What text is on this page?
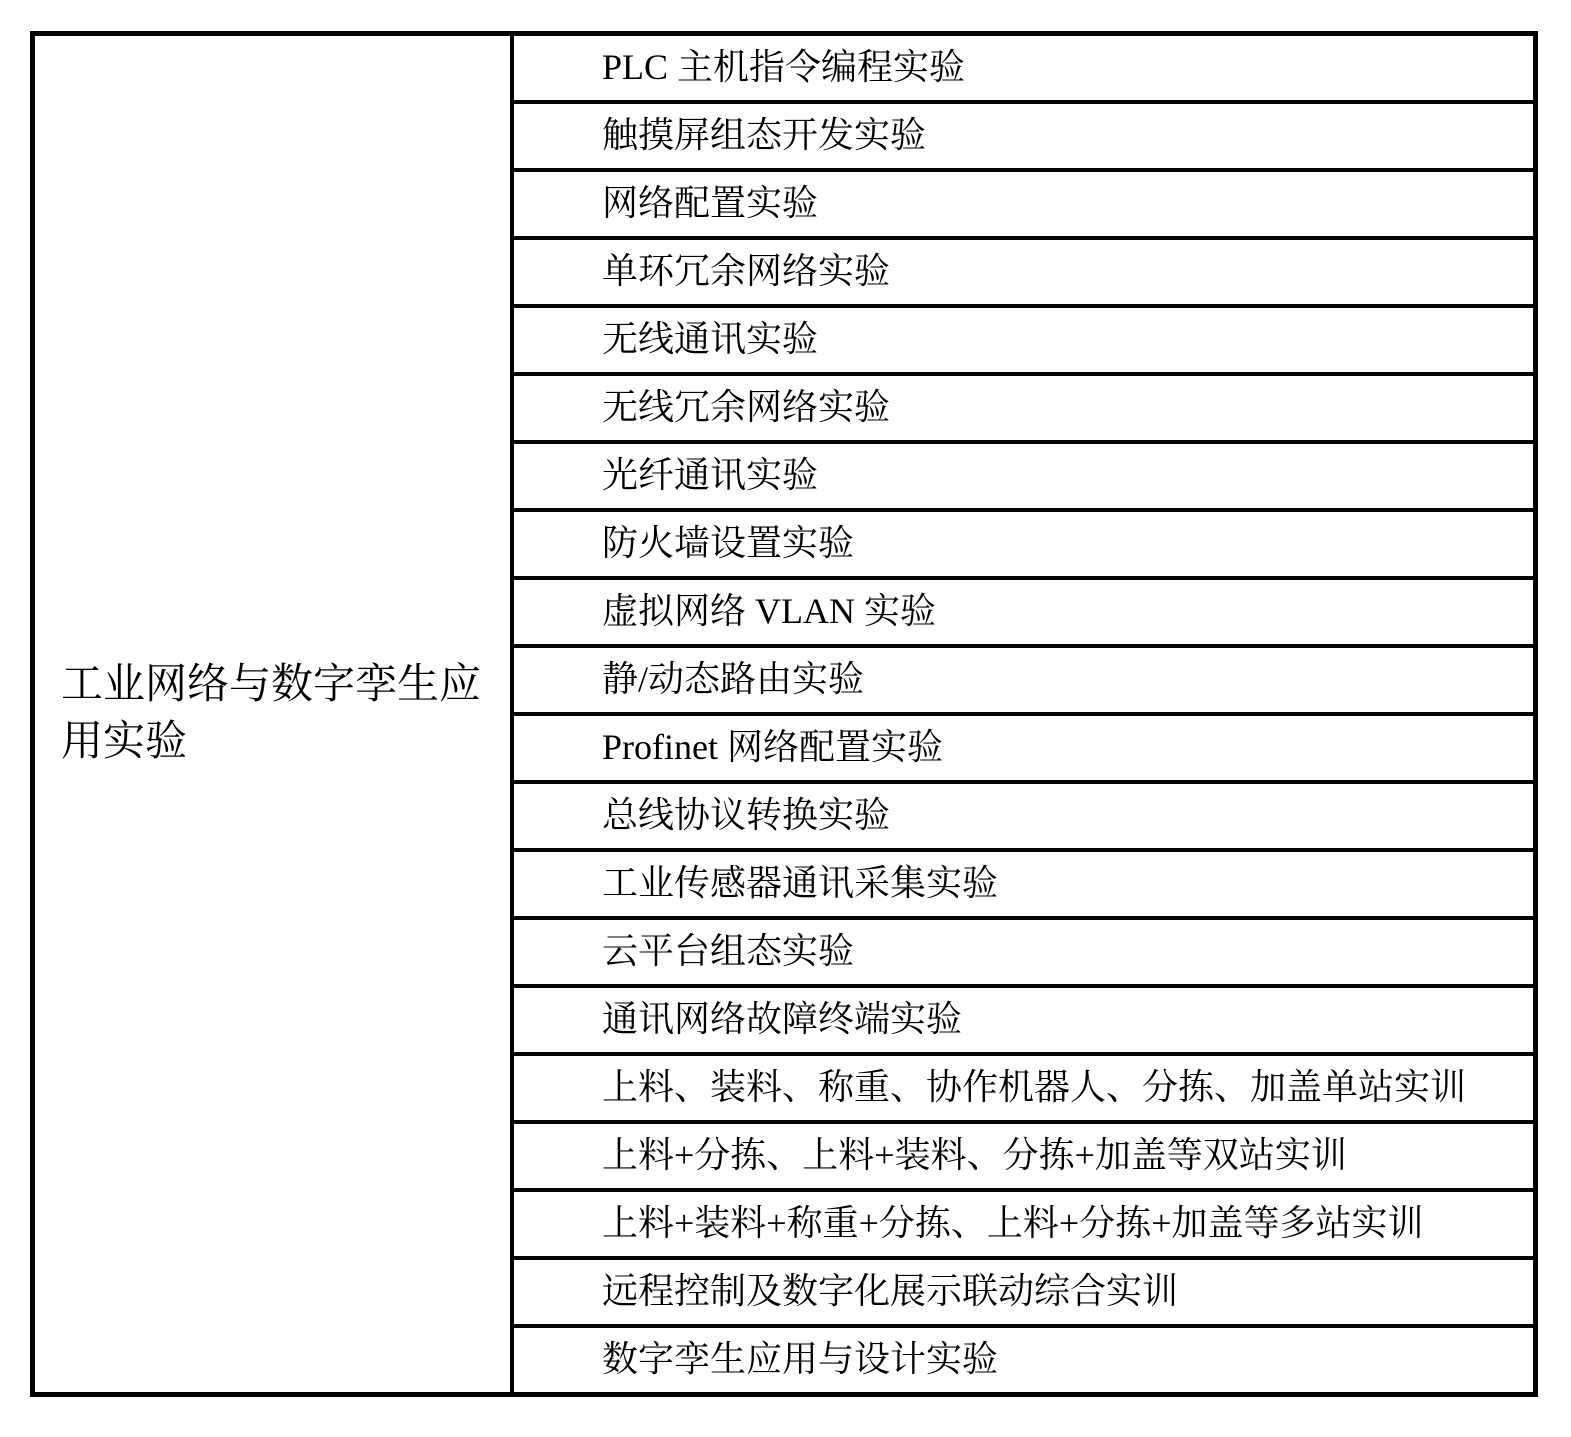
工业网络与数字孪生应用实验
PLC 主机指令编程实验
触摸屏组态开发实验
网络配置实验
单环冗余网络实验
无线通讯实验
无线冗余网络实验
光纤通讯实验
防火墙设置实验
虚拟网络 VLAN 实验
静/动态路由实验
Profinet 网络配置实验
总线协议转换实验
工业传感器通讯采集实验
云平台组态实验
通讯网络故障终端实验
上料、装料、称重、协作机器人、分拣、加盖单站实训
上料+分拣、上料+装料、分拣+加盖等双站实训
上料+装料+称重+分拣、上料+分拣+加盖等多站实训
远程控制及数字化展示联动综合实训
数字孪生应用与设计实验
